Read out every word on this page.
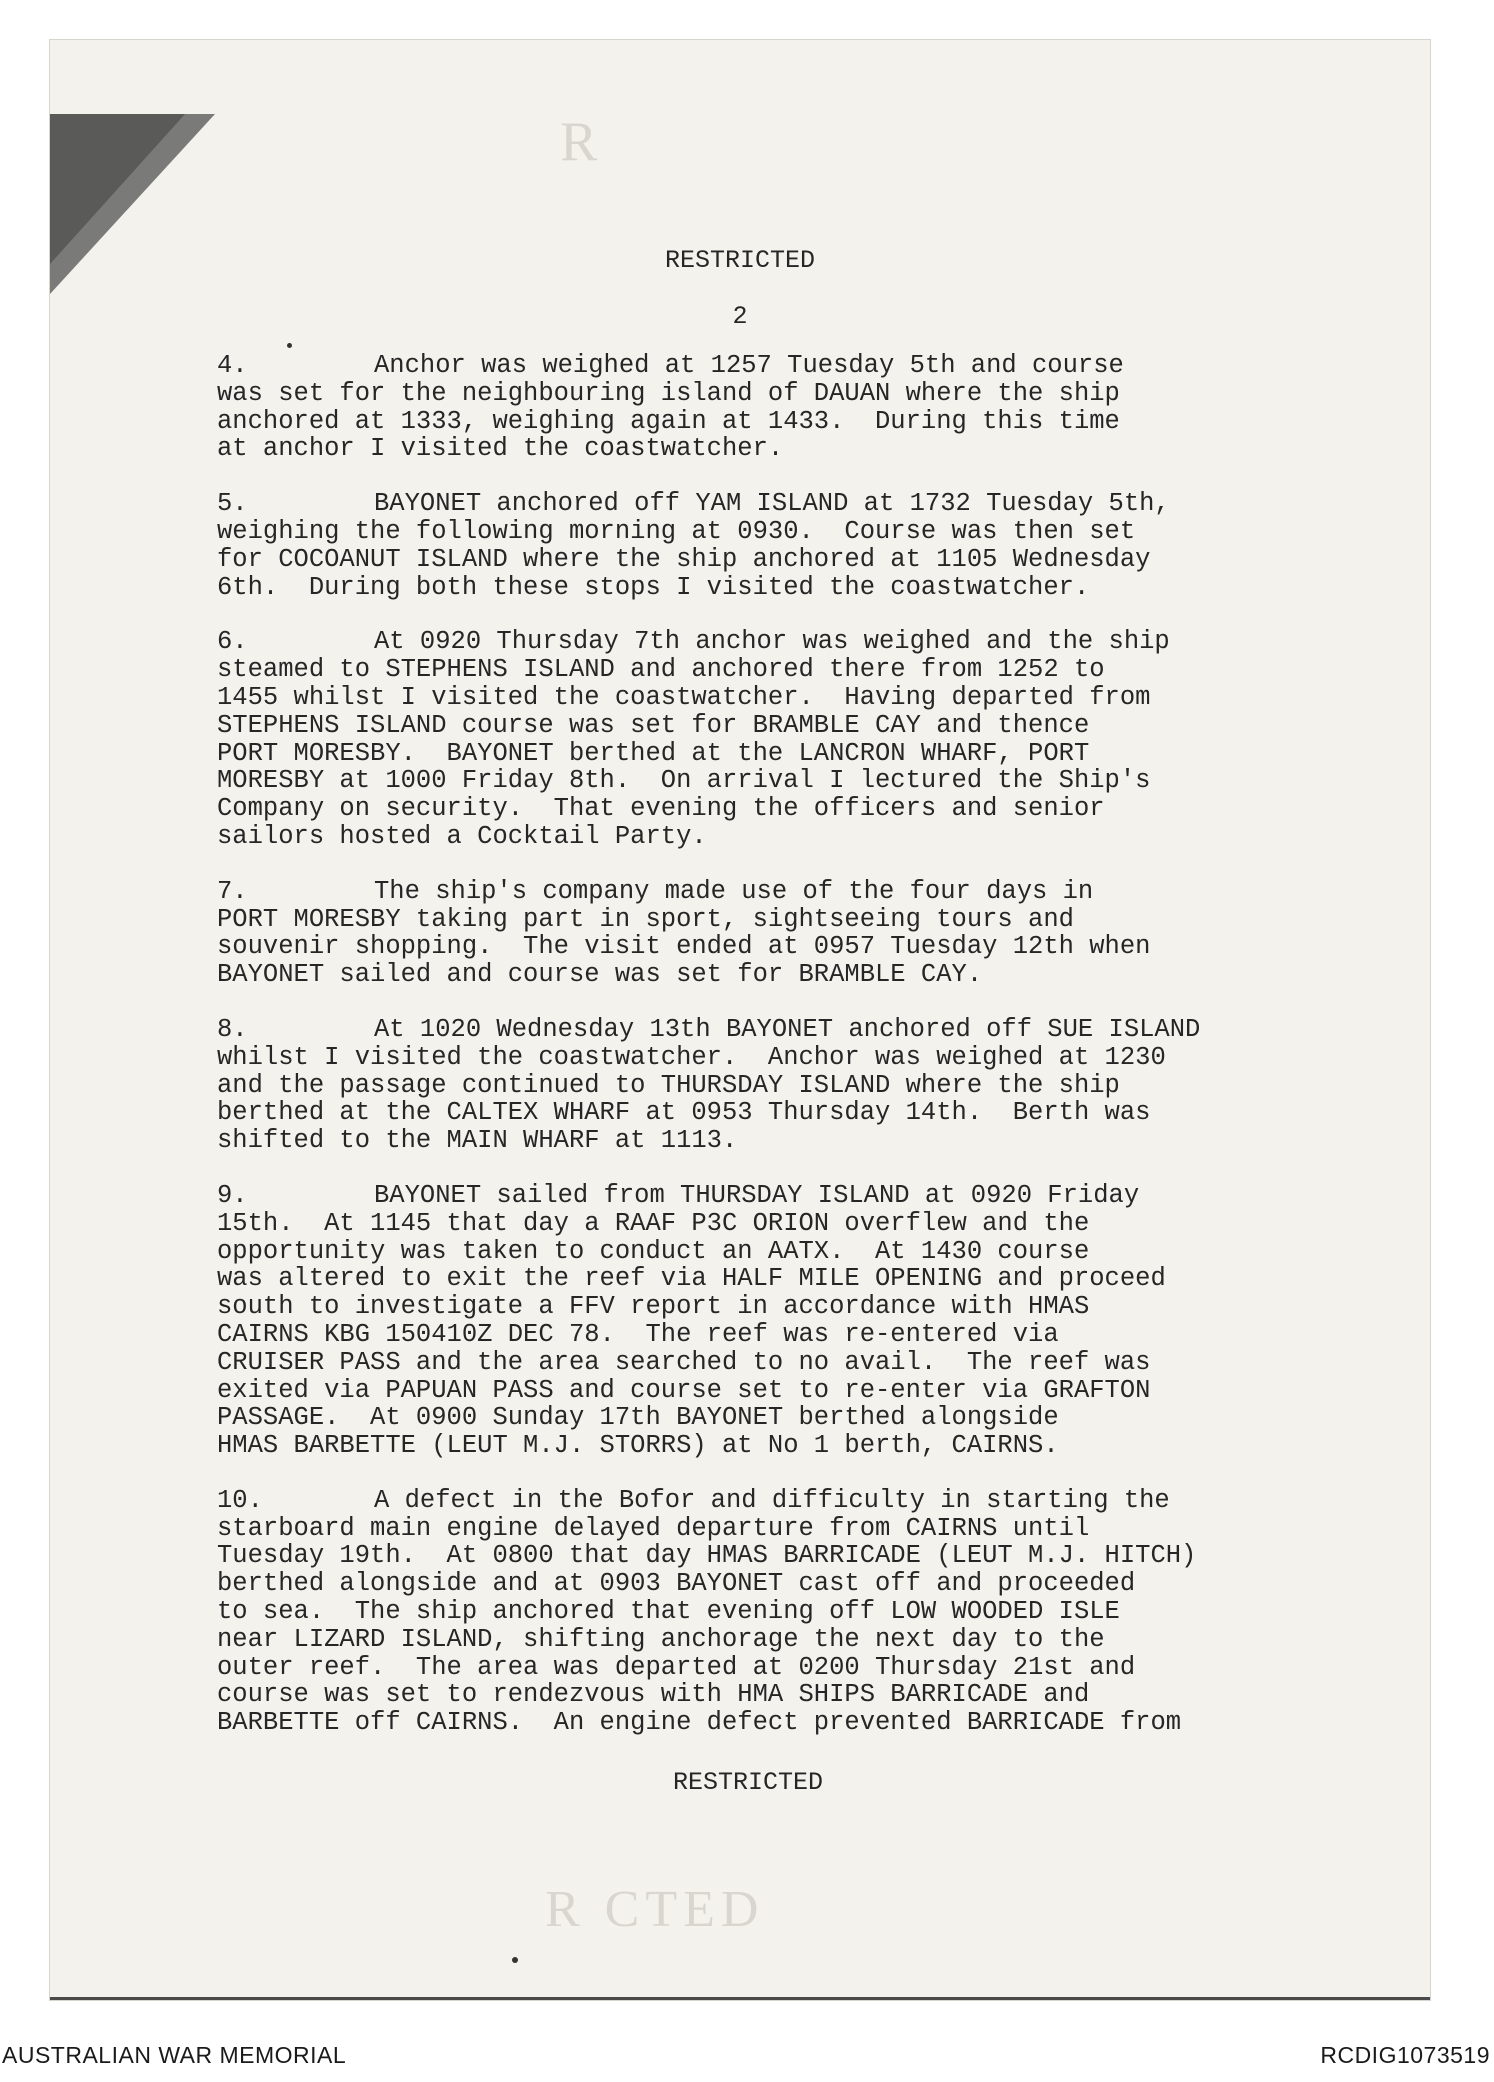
R
R CTED
RESTRICTED
2
4.	Anchor was weighed at 1257 Tuesday 5th and course
was set for the neighbouring island of DAUAN where the ship
anchored at 1333, weighing again at 1433.  During this time
at anchor I visited the coastwatcher.
5.	BAYONET anchored off YAM ISLAND at 1732 Tuesday 5th,
weighing the following morning at 0930.  Course was then set
for COCOANUT ISLAND where the ship anchored at 1105 Wednesday
6th.  During both these stops I visited the coastwatcher.
6.	At 0920 Thursday 7th anchor was weighed and the ship
steamed to STEPHENS ISLAND and anchored there from 1252 to
1455 whilst I visited the coastwatcher.  Having departed from
STEPHENS ISLAND course was set for BRAMBLE CAY and thence
PORT MORESBY.  BAYONET berthed at the LANCRON WHARF, PORT
MORESBY at 1000 Friday 8th.  On arrival I lectured the Ship's
Company on security.  That evening the officers and senior
sailors hosted a Cocktail Party.
7.	The ship's company made use of the four days in
PORT MORESBY taking part in sport, sightseeing tours and
souvenir shopping.  The visit ended at 0957 Tuesday 12th when
BAYONET sailed and course was set for BRAMBLE CAY.
8.	At 1020 Wednesday 13th BAYONET anchored off SUE ISLAND
whilst I visited the coastwatcher.  Anchor was weighed at 1230
and the passage continued to THURSDAY ISLAND where the ship
berthed at the CALTEX WHARF at 0953 Thursday 14th.  Berth was
shifted to the MAIN WHARF at 1113.
9.	BAYONET sailed from THURSDAY ISLAND at 0920 Friday
15th.  At 1145 that day a RAAF P3C ORION overflew and the
opportunity was taken to conduct an AATX.  At 1430 course
was altered to exit the reef via HALF MILE OPENING and proceed
south to investigate a FFV report in accordance with HMAS
CAIRNS KBG 150410Z DEC 78.  The reef was re-entered via
CRUISER PASS and the area searched to no avail.  The reef was
exited via PAPUAN PASS and course set to re-enter via GRAFTON
PASSAGE.  At 0900 Sunday 17th BAYONET berthed alongside
HMAS BARBETTE (LEUT M.J. STORRS) at No 1 berth, CAIRNS.
10.	A defect in the Bofor and difficulty in starting the
starboard main engine delayed departure from CAIRNS until
Tuesday 19th.  At 0800 that day HMAS BARRICADE (LEUT M.J. HITCH)
berthed alongside and at 0903 BAYONET cast off and proceeded
to sea.  The ship anchored that evening off LOW WOODED ISLE
near LIZARD ISLAND, shifting anchorage the next day to the
outer reef.  The area was departed at 0200 Thursday 21st and
course was set to rendezvous with HMA SHIPS BARRICADE and
BARBETTE off CAIRNS.  An engine defect prevented BARRICADE from
RESTRICTED
AUSTRALIAN WAR MEMORIAL	RCDIG1073519
